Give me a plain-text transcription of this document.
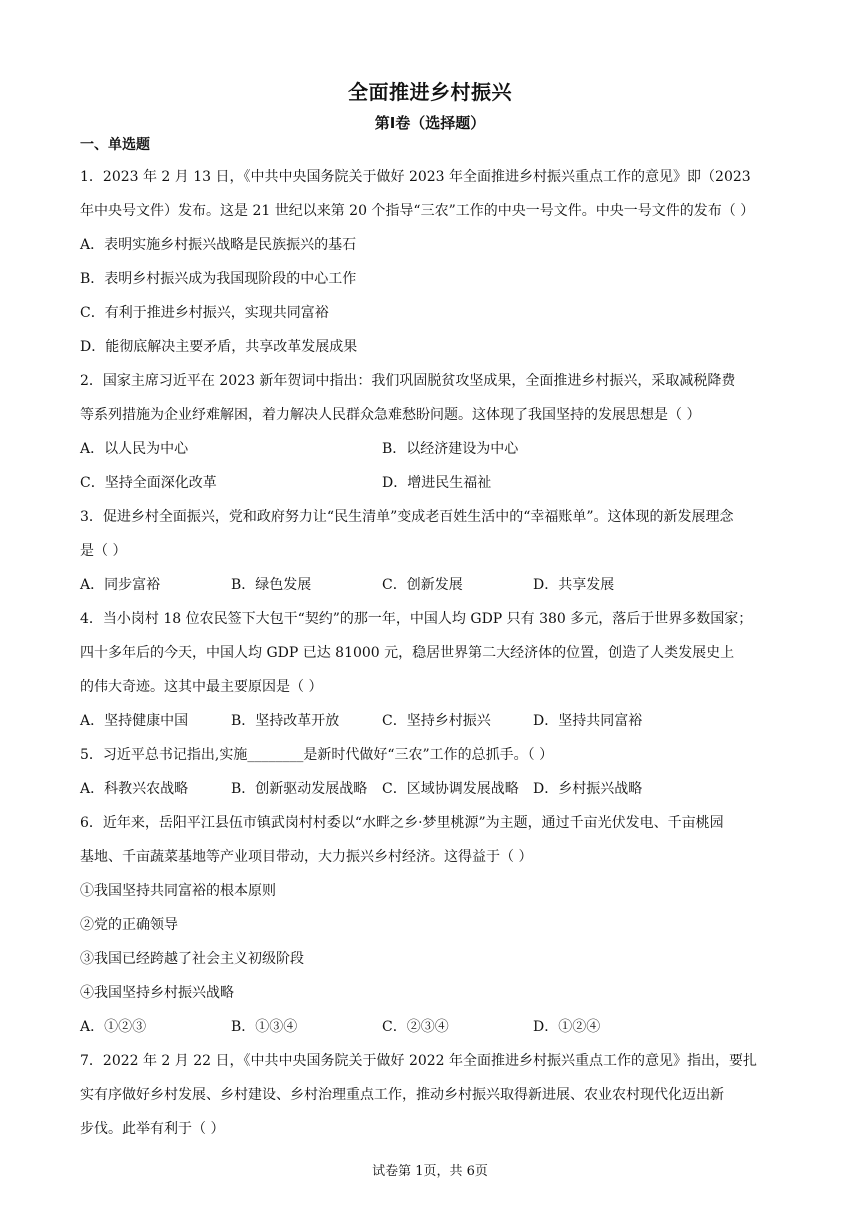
全面推进乡村振兴
第Ⅰ卷（选择题）
一、单选题
1．2023 年 2 月 13 日，《中共中央国务院关于做好 2023 年全面推进乡村振兴重点工作的意见》即（2023
年中央号文件）发布。这是 21 世纪以来第 20 个指导“三农”工作的中央一号文件。中央一号文件的发布（ ）
A．表明实施乡村振兴战略是民族振兴的基石
B．表明乡村振兴成为我国现阶段的中心工作
C．有利于推进乡村振兴，实现共同富裕
D．能彻底解决主要矛盾，共享改革发展成果
2．国家主席习近平在 2023 新年贺词中指出：我们巩固脱贫攻坚成果，全面推进乡村振兴，采取减税降费
等系列措施为企业纾难解困，着力解决人民群众急难愁盼问题。这体现了我国坚持的发展思想是（ ）
A．以人民为中心	B．以经济建设为中心
C．坚持全面深化改革	D．增进民生福祉
3．促进乡村全面振兴，党和政府努力让“民生清单”变成老百姓生活中的“幸福账单”。这体现的新发展理念
是（ ）
A．同步富裕	B．绿色发展	C．创新发展	D．共享发展
4．当小岗村 18 位农民签下大包干“契约”的那一年，中国人均 GDP 只有 380 多元，落后于世界多数国家；
四十多年后的今天，中国人均 GDP 已达 81000 元，稳居世界第二大经济体的位置，创造了人类发展史上
的伟大奇迹。这其中最主要原因是（ ）
A．坚持健康中国	B．坚持改革开放	C．坚持乡村振兴	D．坚持共同富裕
5．习近平总书记指出,实施________是新时代做好“三农”工作的总抓手。（ ）
A．科教兴农战略	B．创新驱动发展战略	C．区域协调发展战略	D．乡村振兴战略
6．近年来，岳阳平江县伍市镇武岗村村委以“水畔之乡·梦里桃源”为主题，通过千亩光伏发电、千亩桃园
基地、千亩蔬菜基地等产业项目带动，大力振兴乡村经济。这得益于（ ）
①我国坚持共同富裕的根本原则
②党的正确领导
③我国已经跨越了社会主义初级阶段
④我国坚持乡村振兴战略
A．①②③	B．①③④	C．②③④	D．①②④
7．2022 年 2 月 22 日，《中共中央国务院关于做好 2022 年全面推进乡村振兴重点工作的意见》指出，要扎
实有序做好乡村发展、乡村建设、乡村治理重点工作，推动乡村振兴取得新进展、农业农村现代化迈出新
步伐。此举有利于（ ）
试卷第 1页，共 6页
